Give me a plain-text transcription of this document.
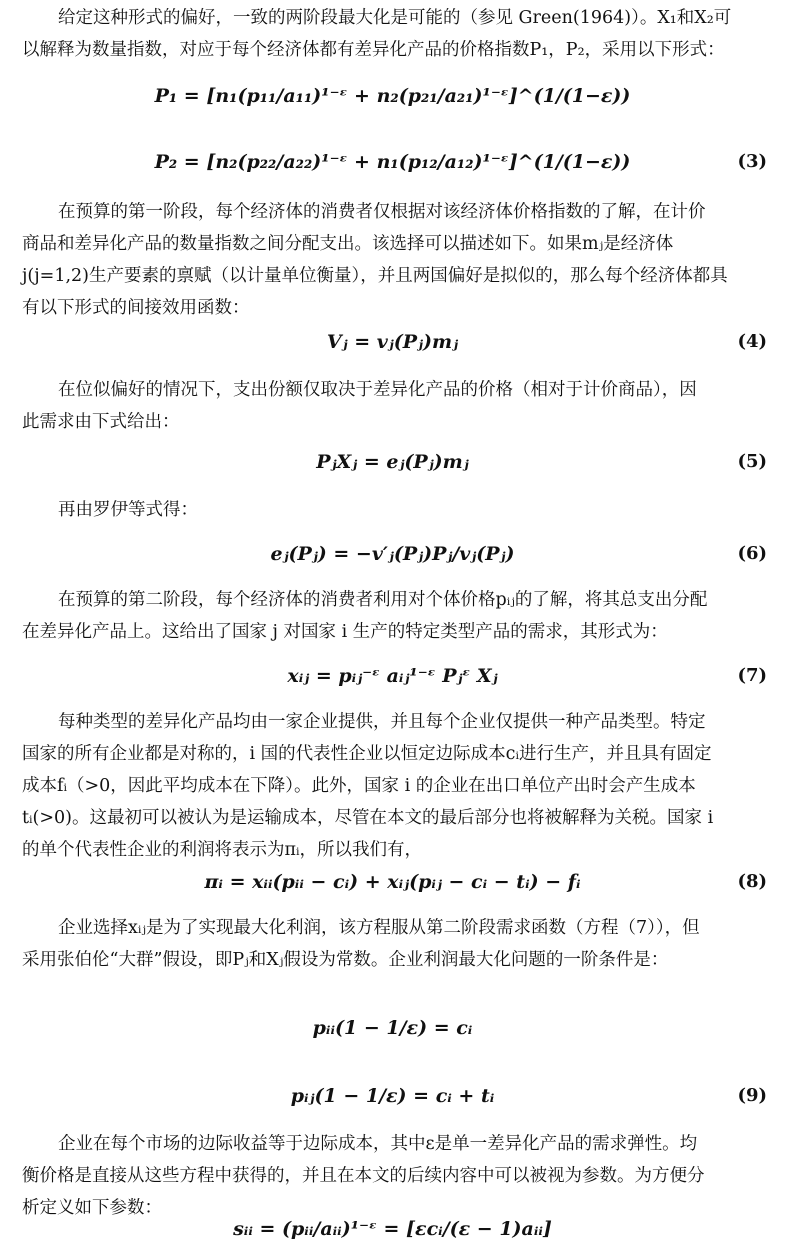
给定这种形式的偏好，一致的两阶段最大化是可能的（参见 Green(1964)）。X₁和X₂可
以解释为数量指数，对应于每个经济体都有差异化产品的价格指数P₁，P₂，采用以下形式：

P₁ = [n₁(p₁₁/a₁₁)¹⁻ᵋ + n₂(p₂₁/a₂₁)¹⁻ᵋ]^(1/(1−ε))
P₂ = [n₂(p₂₂/a₂₂)¹⁻ᵋ + n₁(p₁₂/a₁₂)¹⁻ᵋ]^(1/(1−ε))	(3)

在预算的第一阶段，每个经济体的消费者仅根据对该经济体价格指数的了解，在计价
商品和差异化产品的数量指数之间分配支出。该选择可以描述如下。如果mⱼ是经济体
j(j=1,2)生产要素的禀赋（以计量单位衡量），并且两国偏好是拟似的，那么每个经济体都具
有以下形式的间接效用函数：

Vⱼ = vⱼ(Pⱼ)mⱼ	(4)

在位似偏好的情况下，支出份额仅取决于差异化产品的价格（相对于计价商品），因
此需求由下式给出：

PⱼXⱼ = eⱼ(Pⱼ)mⱼ	(5)

再由罗伊等式得：

eⱼ(Pⱼ) = −v′ⱼ(Pⱼ)Pⱼ/vⱼ(Pⱼ)	(6)

在预算的第二阶段，每个经济体的消费者利用对个体价格pᵢⱼ的了解，将其总支出分配
在差异化产品上。这给出了国家 j 对国家 i 生产的特定类型产品的需求，其形式为：

xᵢⱼ = pᵢⱼ⁻ᵋ aᵢⱼ¹⁻ᵋ Pⱼᵋ Xⱼ	(7)

每种类型的差异化产品均由一家企业提供，并且每个企业仅提供一种产品类型。特定
国家的所有企业都是对称的，i 国的代表性企业以恒定边际成本cᵢ进行生产，并且具有固定
成本fᵢ（>0，因此平均成本在下降）。此外，国家 i 的企业在出口单位产出时会产生成本
tᵢ(>0)。这最初可以被认为是运输成本，尽管在本文的最后部分也将被解释为关税。国家 i
的单个代表性企业的利润将表示为πᵢ，所以我们有，

πᵢ = xᵢᵢ(pᵢᵢ − cᵢ) + xᵢⱼ(pᵢⱼ − cᵢ − tᵢ) − fᵢ	(8)

企业选择xᵢⱼ是为了实现最大化利润，该方程服从第二阶段需求函数（方程（7）），但
采用张伯伦“大群”假设，即Pⱼ和Xⱼ假设为常数。企业利润最大化问题的一阶条件是：

pᵢᵢ(1 − 1/ε) = cᵢ
pᵢⱼ(1 − 1/ε) = cᵢ + tᵢ	(9)

企业在每个市场的边际收益等于边际成本，其中ε是单一差异化产品的需求弹性。均
衡价格是直接从这些方程中获得的，并且在本文的后续内容中可以被视为参数。为方便分
析定义如下参数：

sᵢᵢ = (pᵢᵢ/aᵢᵢ)¹⁻ᵋ = [εcᵢ/(ε − 1)aᵢᵢ]
